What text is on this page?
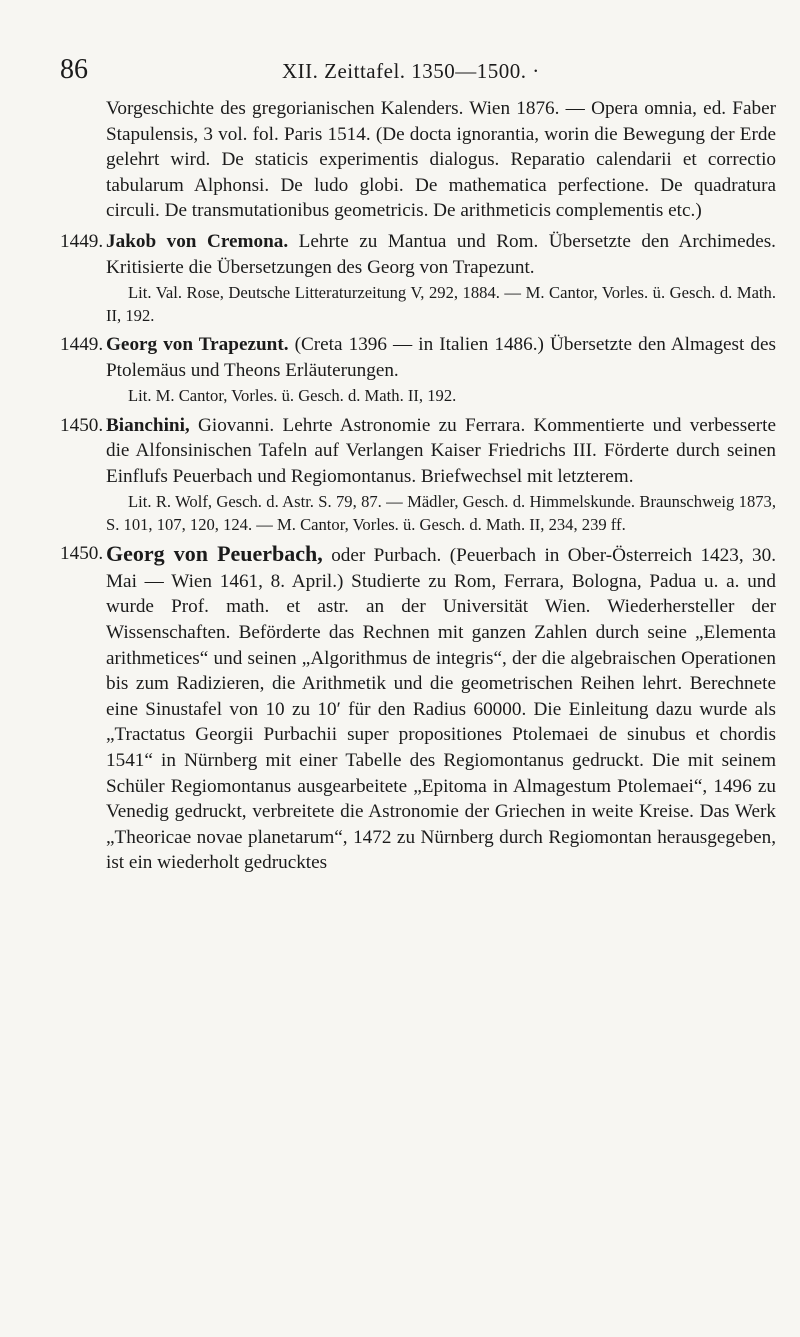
86	XII. Zeittafel. 1350—1500. ·

Vorgeschichte des gregorianischen Kalenders. Wien 1876. — Opera omnia, ed. Faber Stapulensis, 3 vol. fol. Paris 1514. (De docta ignorantia, worin die Bewegung der Erde gelehrt wird. De staticis experimentis dialogus. Reparatio calendarii et correctio tabularum Alphonsi. De ludo globi. De mathematica perfectione. De quadratura circuli. De transmutationibus geometricis. De arithmeticis complementis etc.)

1449. Jakob von Cremona. Lehrte zu Mantua und Rom. Übersetzte den Archimedes. Kritisierte die Übersetzungen des Georg von Trapezunt.

Lit. Val. Rose, Deutsche Litteraturzeitung V, 292, 1884. — M. Cantor, Vorles. ü. Gesch. d. Math. II, 192.

1449. Georg von Trapezunt. (Creta 1396 — in Italien 1486.) Übersetzte den Almagest des Ptolemäus und Theons Erläuterungen.

Lit. M. Cantor, Vorles. ü. Gesch. d. Math. II, 192.

1450. Bianchini, Giovanni. Lehrte Astronomie zu Ferrara. Kommentierte und verbesserte die Alfonsinischen Tafeln auf Verlangen Kaiser Friedrichs III. Förderte durch seinen Einflufs Peuerbach und Regiomontanus. Briefwechsel mit letzterem.

Lit. R. Wolf, Gesch. d. Astr. S. 79, 87. — Mädler, Gesch. d. Himmelskunde. Braunschweig 1873, S. 101, 107, 120, 124. — M. Cantor, Vorles. ü. Gesch. d. Math. II, 234, 239 ff.

1450. Georg von Peuerbach, oder Purbach. (Peuerbach in Ober-Österreich 1423, 30. Mai — Wien 1461, 8. April.) Studierte zu Rom, Ferrara, Bologna, Padua u. a. und wurde Prof. math. et astr. an der Universität Wien. Wiederhersteller der Wissenschaften. Beförderte das Rechnen mit ganzen Zahlen durch seine „Elementa arithmetices“ und seinen „Algorithmus de integris“, der die algebraischen Operationen bis zum Radizieren, die Arithmetik und die geometrischen Reihen lehrt. Berechnete eine Sinustafel von 10 zu 10′ für den Radius 60000. Die Einleitung dazu wurde als „Tractatus Georgii Purbachii super propositiones Ptolemaei de sinubus et chordis 1541“ in Nürnberg mit einer Tabelle des Regiomontanus gedruckt. Die mit seinem Schüler Regiomontanus ausgearbeitete „Epitoma in Almagestum Ptolemaei“, 1496 zu Venedig gedruckt, verbreitete die Astronomie der Griechen in weite Kreise. Das Werk „Theoricae novae planetarum“, 1472 zu Nürnberg durch Regiomontan herausgegeben, ist ein wiederholt gedrucktes
